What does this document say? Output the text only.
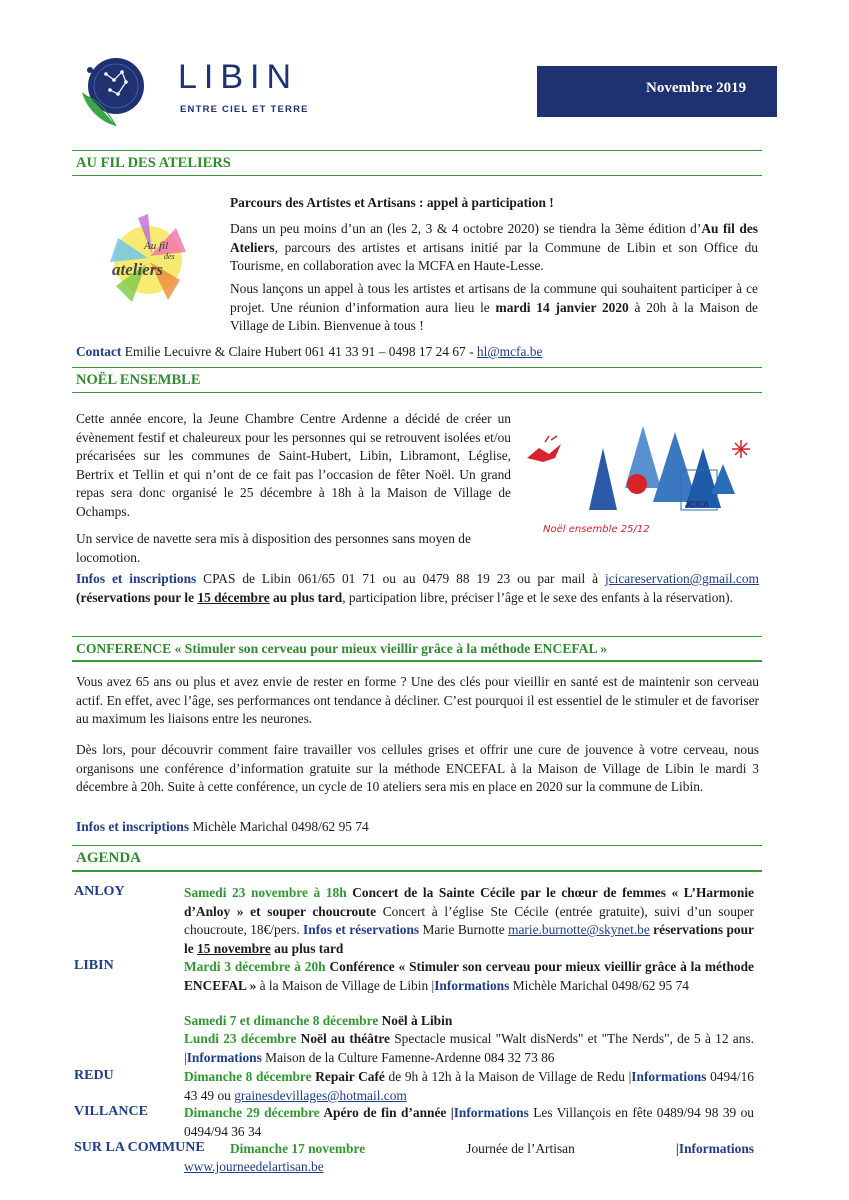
LIBIN
ENTRE CIEL ET TERRE
Novembre 2019
AU FIL DES ATELIERS
Au fil
des
ateliers
Parcours des Artistes et Artisans : appel à participation !
Dans un peu moins d’un an (les 2, 3 & 4 octobre 2020) se tiendra la 3ème édition d’Au fil des Ateliers, parcours des artistes et artisans initié par la Commune de Libin et son Office du Tourisme, en collaboration avec la MCFA en Haute-Lesse.
Nous lançons un appel à tous les artistes et artisans de la commune qui souhaitent participer à ce projet. Une réunion d’information aura lieu le mardi 14 janvier 2020 à 20h à la Maison de Village de Libin. Bienvenue à tous !
Contact Emilie Lecuivre & Claire Hubert 061 41 33 91 – 0498 17 24 67 - hl@mcfa.be
NOËL ENSEMBLE
Cette année encore, la Jeune Chambre Centre Ardenne a décidé de créer un évènement festif et chaleureux pour les personnes qui se retrouvent isolées et/ou précarisées sur les communes de Saint-Hubert, Libin, Libramont, Léglise, Bertrix et Tellin et qui n’ont de ce fait pas l’occasion de fêter Noël. Un grand repas sera donc organisé le 25 décembre à 18h à la Maison de Village de Ochamps.
Un service de navette sera mis à disposition des personnes sans moyen de locomotion.
JCICA
Noël ensemble 25/12
Infos et inscriptions CPAS de Libin 061/65 01 71 ou au 0479 88 19 23 ou par mail à jcicareservation@gmail.com (réservations pour le 15 décembre au plus tard, participation libre, préciser l’âge et le sexe des enfants à la réservation).
CONFERENCE « Stimuler son cerveau pour mieux vieillir grâce à la méthode ENCEFAL »
Vous avez 65 ans ou plus et avez envie de rester en forme ? Une des clés pour vieillir en santé est de maintenir son cerveau actif. En effet, avec l’âge, ses performances ont tendance à décliner. C’est pourquoi il est essentiel de le stimuler et de favoriser au maximum les liaisons entre les neurones.
Dès lors, pour découvrir comment faire travailler vos cellules grises et offrir une cure de jouvence à votre cerveau, nous organisons une conférence d’information gratuite sur la méthode ENCEFAL à la Maison de Village de Libin le mardi 3 décembre à 20h. Suite à cette conférence, un cycle de 10 ateliers sera mis en place en 2020 sur la commune de Libin.
Infos et inscriptions Michèle Marichal 0498/62 95 74
AGENDA
ANLOY	Samedi 23 novembre à 18h Concert de la Sainte Cécile par le chœur de femmes « L’Harmonie d’Anloy » et souper choucroute Concert à l’église Ste Cécile (entrée gratuite), suivi d’un souper choucroute, 18€/pers. Infos et réservations Marie Burnotte marie.burnotte@skynet.be réservations pour le 15 novembre au plus tard
LIBIN	Mardi 3 décembre à 20h Conférence « Stimuler son cerveau pour mieux vieillir grâce à la méthode ENCEFAL » à la Maison de Village de Libin |Informations Michèle Marichal 0498/62 95 74
Samedi 7 et dimanche 8 décembre Noël à Libin
Lundi 23 décembre Noël au théâtre Spectacle musical "Walt disNerds" et "The Nerds", de 5 à 12 ans. |Informations Maison de la Culture Famenne-Ardenne 084 32 73 86
REDU	Dimanche 8 décembre Repair Café de 9h à 12h à la Maison de Village de Redu |Informations 0494/16 43 49 ou grainesdevillages@hotmail.com
VILLANCE	Dimanche 29 décembre Apéro de fin d’année |Informations Les Villançois en fête 0489/94 98 39 ou 0494/94 36 34
SUR LA COMMUNE Dimanche 17 novembre	Journée de l’Artisan	|Informations
www.journeedelartisan.be
